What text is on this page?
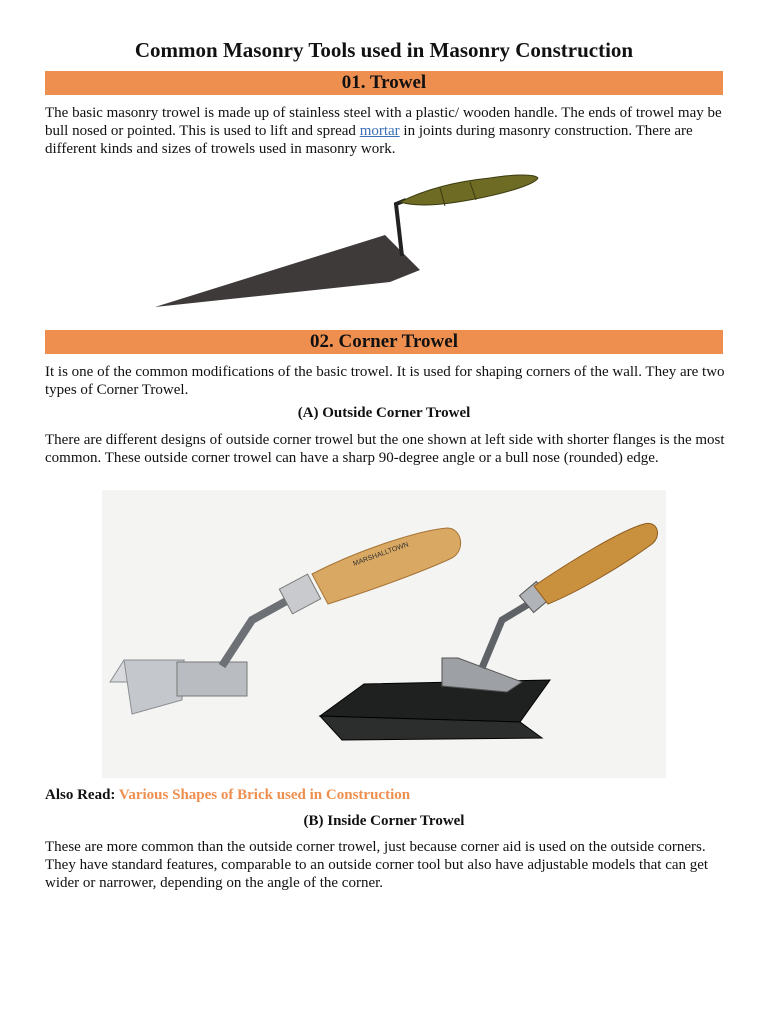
Common Masonry Tools used in Masonry Construction
01. Trowel
The basic masonry trowel is made up of stainless steel with a plastic/ wooden handle. The ends of trowel may be bull nosed or pointed. This is used to lift and spread mortar in joints during masonry construction. There are different kinds and sizes of trowels used in masonry work.
02. Corner Trowel
It is one of the common modifications of the basic trowel. It is used for shaping corners of the wall. They are two types of Corner Trowel.
(A) Outside Corner Trowel
There are different designs of outside corner trowel but the one shown at left side with shorter flanges is the most common. These outside corner trowel can have a sharp 90-degree angle or a bull nose (rounded) edge.
MARSHALLTOWN
Also Read: Various Shapes of Brick used in Construction
(B) Inside Corner Trowel
These are more common than the outside corner trowel, just because corner aid is used on the outside corners. They have standard features, comparable to an outside corner tool but also have adjustable models that can get wider or narrower, depending on the angle of the corner.
